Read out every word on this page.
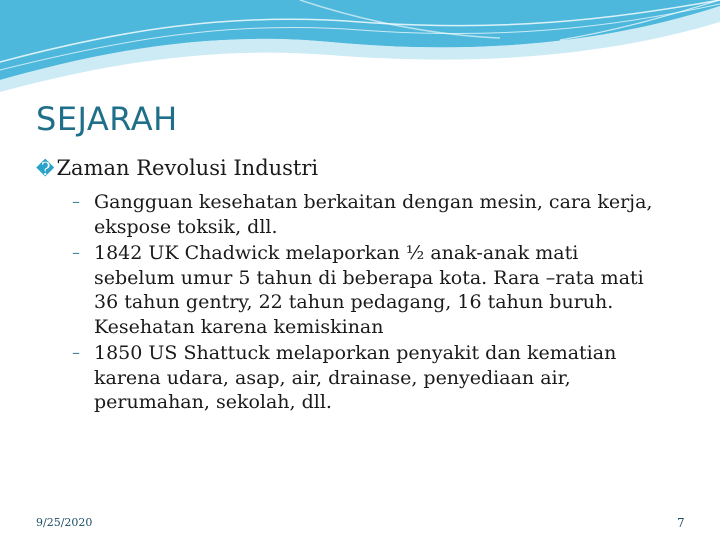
SEJARAH
�Zaman Revolusi Industri
– Gangguan kesehatan berkaitan dengan mesin, cara kerja, ekspose toksik, dll.
– 1842 UK Chadwick melaporkan ½ anak-anak mati sebelum umur 5 tahun di beberapa kota. Rara –rata mati 36 tahun gentry, 22 tahun pedagang, 16 tahun buruh. Kesehatan karena kemiskinan
– 1850 US Shattuck melaporkan penyakit dan kematian karena udara, asap, air, drainase, penyediaan air, perumahan, sekolah, dll.
9/25/2020	7
